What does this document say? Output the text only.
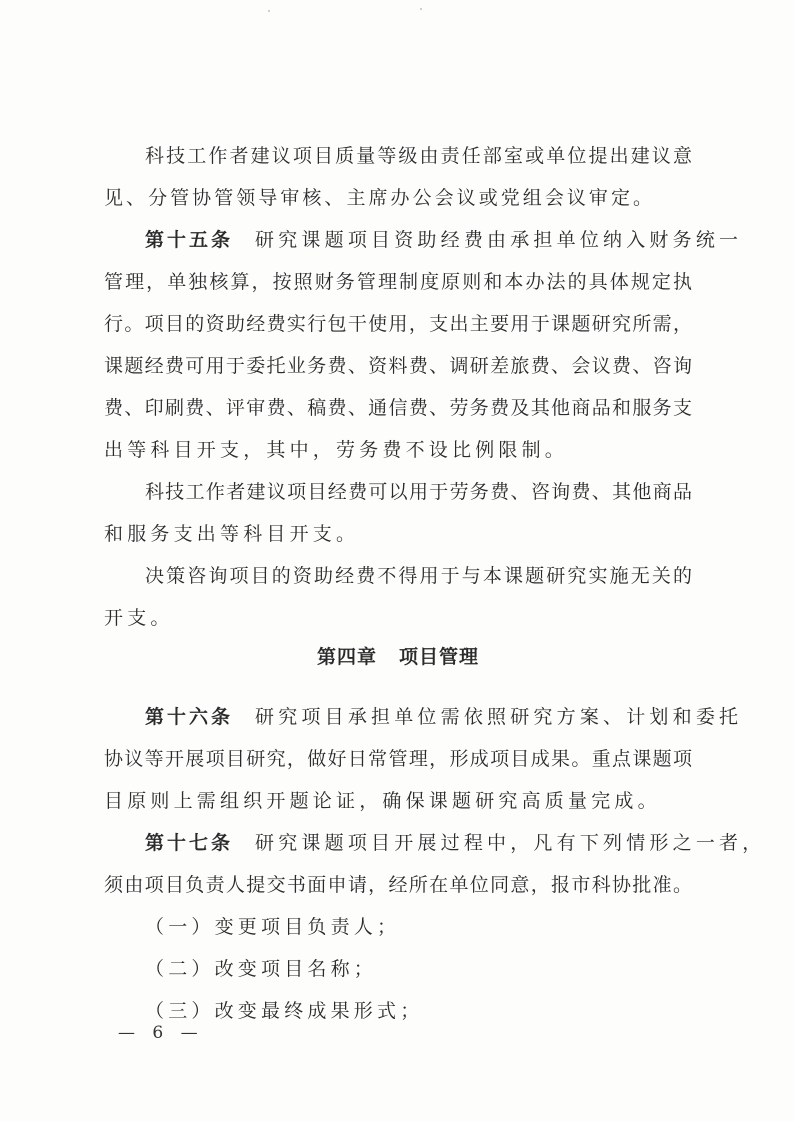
科技工作者建议项目质量等级由责任部室或单位提出建议意
见、分管协管领导审核、主席办公会议或党组会议审定。
第十五条 研究课题项目资助经费由承担单位纳入财务统一
管理，单独核算，按照财务管理制度原则和本办法的具体规定执
行。项目的资助经费实行包干使用，支出主要用于课题研究所需，
课题经费可用于委托业务费、资料费、调研差旅费、会议费、咨询
费、印刷费、评审费、稿费、通信费、劳务费及其他商品和服务支
出等科目开支，其中，劳务费不设比例限制。
科技工作者建议项目经费可以用于劳务费、咨询费、其他商品
和服务支出等科目开支。
决策咨询项目的资助经费不得用于与本课题研究实施无关的
开支。
第四章 项目管理
第十六条 研究项目承担单位需依照研究方案、计划和委托
协议等开展项目研究，做好日常管理，形成项目成果。重点课题项
目原则上需组织开题论证，确保课题研究高质量完成。
第十七条 研究课题项目开展过程中，凡有下列情形之一者，
须由项目负责人提交书面申请，经所在单位同意，报市科协批准。
（一）变更项目负责人；
（二）改变项目名称；
（三）改变最终成果形式；
— 6 —
